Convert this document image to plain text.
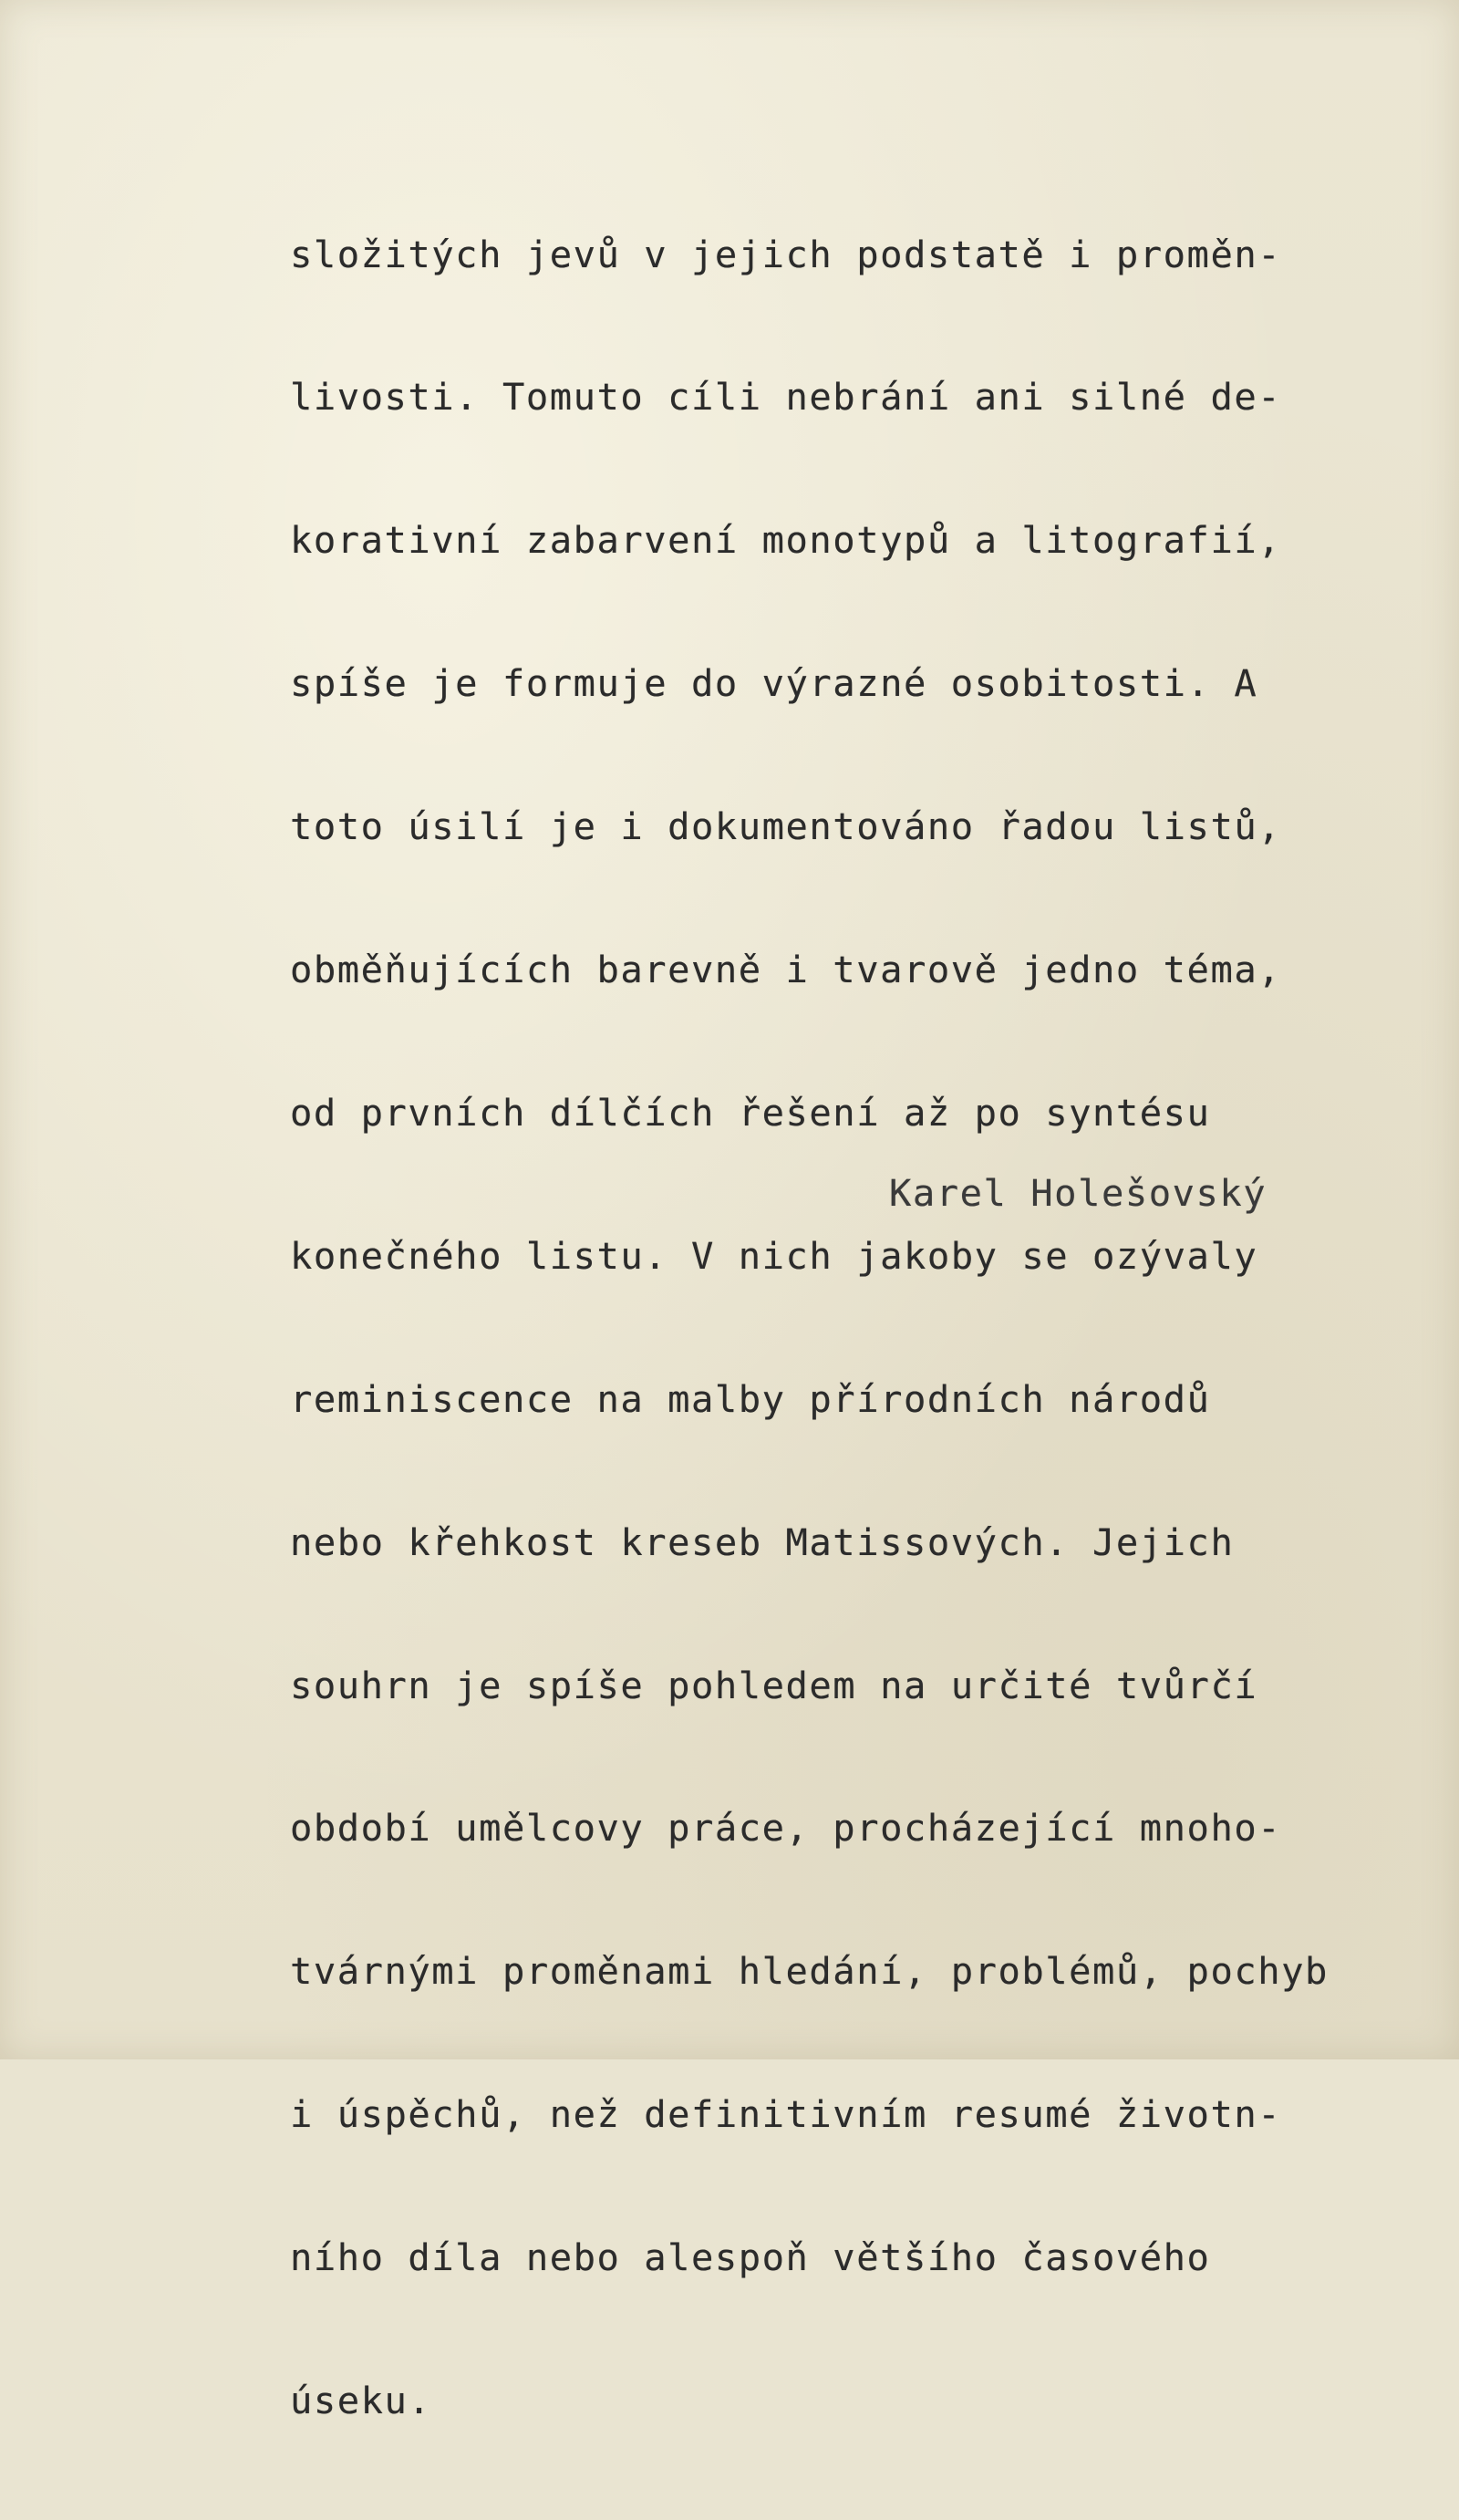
složitých jevů v jejich podstatě i proměn-

livosti. Tomuto cíli nebrání ani silné de-

korativní zabarvení monotypů a litografií,

spíše je formuje do výrazné osobitosti. A

toto úsilí je i dokumentováno řadou listů,

obměňujících barevně i tvarově jedno téma,

od prvních dílčích řešení až po syntésu

konečného listu. V nich jakoby se ozývaly

reminiscence na malby přírodních národů

nebo křehkost kreseb Matissových. Jejich

souhrn je spíše pohledem na určité tvůrčí

období umělcovy práce, procházející mnoho-

tvárnými proměnami hledání, problémů, pochyb

i úspěchů, než definitivním resumé životn-

ního díla nebo alespoň většího časového

úseku.

Karel Holešovský
